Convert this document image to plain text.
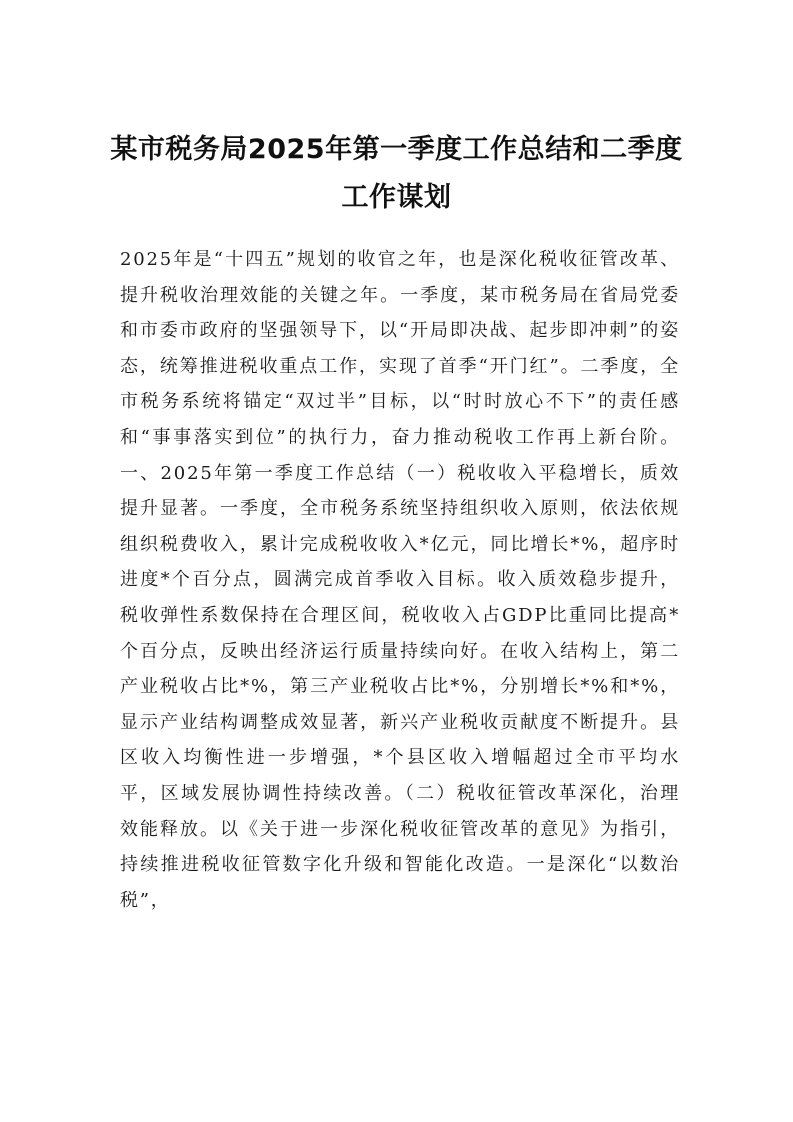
某市税务局2025年第一季度工作总结和二季度工作谋划
2025年是“十四五”规划的收官之年，也是深化税收征管改革、提升税收治理效能的关键之年。一季度，某市税务局在省局党委和市委市政府的坚强领导下，以“开局即决战、起步即冲刺”的姿态，统筹推进税收重点工作，实现了首季“开门红”。二季度，全市税务系统将锚定“双过半”目标，以“时时放心不下”的责任感和“事事落实到位”的执行力，奋力推动税收工作再上新台阶。一、2025年第一季度工作总结（一）税收收入平稳增长，质效提升显著。一季度，全市税务系统坚持组织收入原则，依法依规组织税费收入，累计完成税收收入*亿元，同比增长*%，超序时进度*个百分点，圆满完成首季收入目标。收入质效稳步提升，税收弹性系数保持在合理区间，税收收入占GDP比重同比提高*个百分点，反映出经济运行质量持续向好。在收入结构上，第二产业税收占比*%，第三产业税收占比*%，分别增长*%和*%，显示产业结构调整成效显著，新兴产业税收贡献度不断提升。县区收入均衡性进一步增强，*个县区收入增幅超过全市平均水平，区域发展协调性持续改善。（二）税收征管改革深化，治理效能释放。以《关于进一步深化税收征管改革的意见》为指引，持续推进税收征管数字化升级和智能化改造。一是深化“以数治税”，
